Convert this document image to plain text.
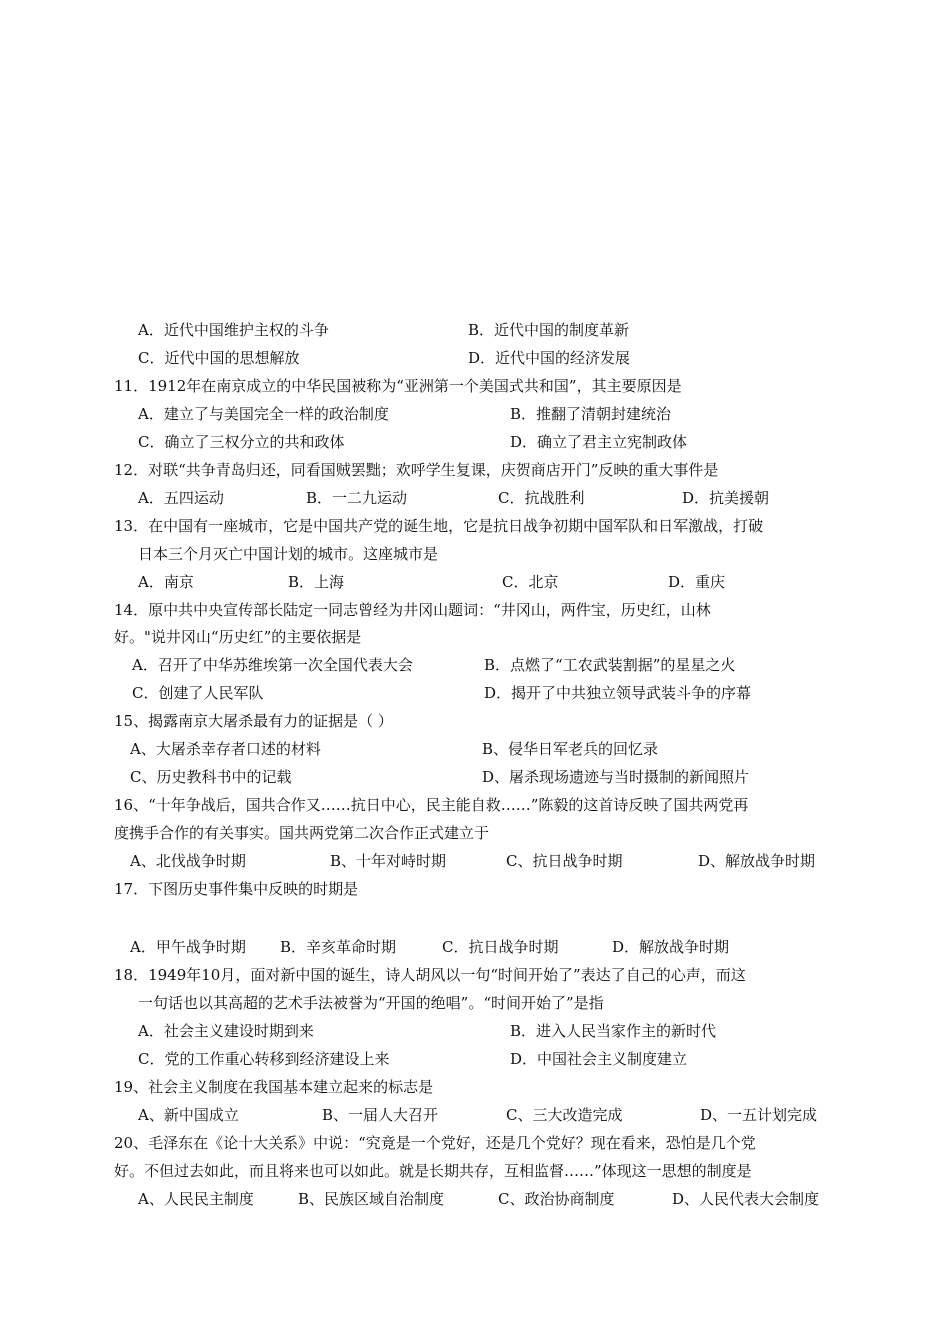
A．近代中国维护主权的斗争	B．近代中国的制度革新
C．近代中国的思想解放	D．近代中国的经济发展
11．1912年在南京成立的中华民国被称为“亚洲第一个美国式共和国”，其主要原因是
A．建立了与美国完全一样的政治制度	B．推翻了清朝封建统治
C．确立了三权分立的共和政体	D．确立了君主立宪制政体
12．对联“共争青岛归还，同看国贼罢黜；欢呼学生复课，庆贺商店开门”反映的重大事件是
A．五四运动	B．一二九运动	C．抗战胜利	D．抗美援朝
13．在中国有一座城市，它是中国共产党的诞生地，它是抗日战争初期中国军队和日军激战，打破
日本三个月灭亡中国计划的城市。这座城市是
A．南京	B．上海	C．北京	D．重庆
14．原中共中央宣传部长陆定一同志曾经为井冈山题词：“井冈山，两件宝，历史红，山林
好。"说井冈山“历史红”的主要依据是
A．召开了中华苏维埃第一次全国代表大会	B．点燃了“工农武装割据”的星星之火
C．创建了人民军队	D．揭开了中共独立领导武装斗争的序幕
15、揭露南京大屠杀最有力的证据是（ ）
A、大屠杀幸存者口述的材料	B、侵华日军老兵的回忆录
C、历史教科书中的记载	D、屠杀现场遗迹与当时摄制的新闻照片
16、“十年争战后，国共合作又……抗日中心，民主能自救……”陈毅的这首诗反映了国共两党再
度携手合作的有关事实。国共两党第二次合作正式建立于
A、北伐战争时期	B、十年对峙时期	C、抗日战争时期	D、解放战争时期
17．下图历史事件集中反映的时期是
A．甲午战争时期 B．辛亥革命时期	C．抗日战争时期	D．解放战争时期
18．1949年10月，面对新中国的诞生，诗人胡风以一句“时间开始了”表达了自己的心声，而这
一句话也以其高超的艺术手法被誉为“开国的绝唱”。“时间开始了”是指
A．社会主义建设时期到来	B．进入人民当家作主的新时代
C．党的工作重心转移到经济建设上来	D．中国社会主义制度建立
19、社会主义制度在我国基本建立起来的标志是
A、新中国成立	B、一届人大召开	C、三大改造完成	D、一五计划完成
20、毛泽东在《论十大关系》中说：“究竟是一个党好，还是几个党好？现在看来，恐怕是几个党
好。不但过去如此，而且将来也可以如此。就是长期共存，互相监督……”体现这一思想的制度是
A、人民民主制度	B、民族区域自治制度	C、政治协商制度	D、人民代表大会制度
